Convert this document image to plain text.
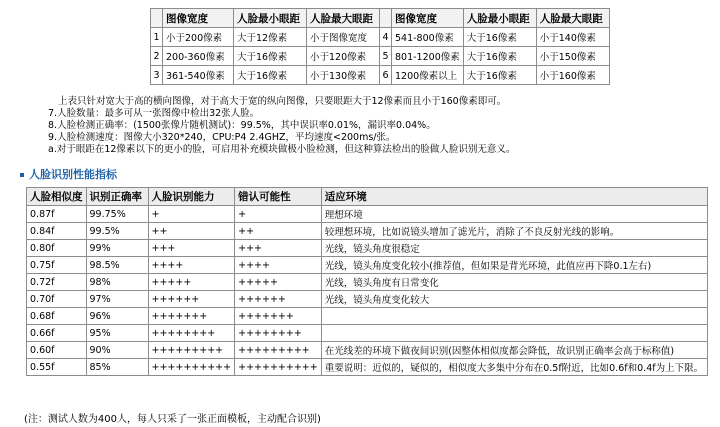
	图像宽度	人脸最小眼距	人脸最大眼距		图像宽度	人脸最小眼距	人脸最大眼距
1	小于200像素	大于12像素	小于图像宽度	4	541-800像素	大于16像素	小于140像素
2	200-360像素	大于16像素	小于120像素	5	801-1200像素	大于16像素	小于150像素
3	361-540像素	大于16像素	小于130像素	6	1200像素以上	大于16像素	小于160像素
上表只针对宽大于高的横向图像，对于高大于宽的纵向图像，只要眼距大于12像素而且小于160像素即可。
7.人脸数量：最多可从一张图像中检出32张人脸。
8.人脸检测正确率：(1500张像片随机测试)：99.5%，其中误识率0.01%，漏识率0.04%。
9.人脸检测速度：图像大小320*240，CPU:P4 2.4GHZ，平均速度<200ms/张。
a.对于眼距在12像素以下的更小的脸，可启用补充模块做极小脸检测，但这种算法检出的脸做人脸识别无意义。
人脸识别性能指标
人脸相似度	识别正确率	人脸识别能力	错认可能性	适应环境
0.87f	99.75%	+	+	理想环境
0.84f	99.5%	++	++	较理想环境，比如说镜头增加了滤光片，消除了不良反射光线的影响。
0.80f	99%	+++	+++	光线，镜头角度很稳定
0.75f	98.5%	++++	++++	光线，镜头角度变化较小(推荐值，但如果是背光环境，此值应再下降0.1左右)
0.72f	98%	+++++	+++++	光线，镜头角度有日常变化
0.70f	97%	++++++	++++++	光线，镜头角度变化较大
0.68f	96%	+++++++	+++++++	
0.66f	95%	++++++++	++++++++	
0.60f	90%	+++++++++	+++++++++	在光线差的环境下做夜间识别(因整体相似度都会降低，故识别正确率会高于标称值)
0.55f	85%	++++++++++	++++++++++	重要说明：近似的，疑似的，相似度大多集中分布在0.5f附近，比如0.6f和0.4f为上下限。
(注：测试人数为400人，每人只采了一张正面模板，主动配合识别)
